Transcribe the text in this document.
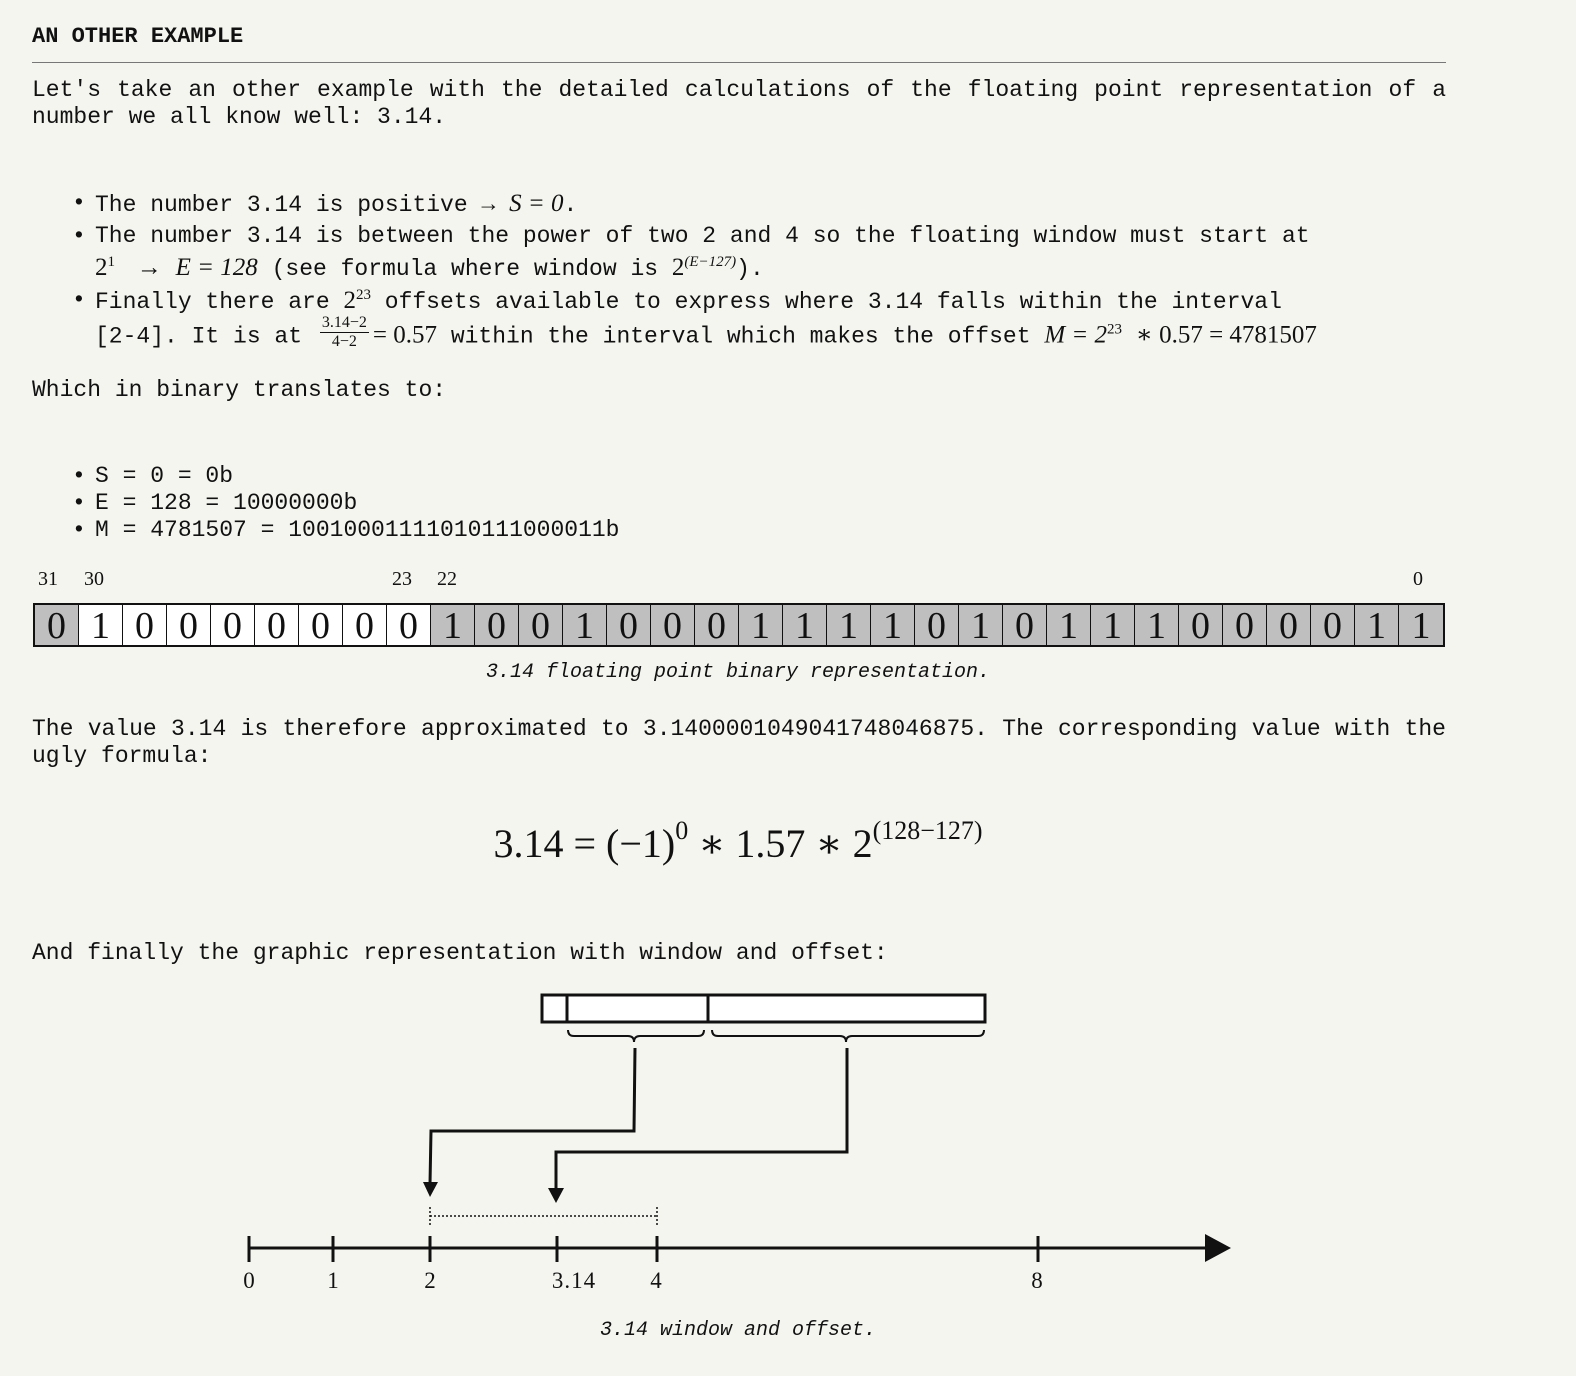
AN OTHER EXAMPLE

Let's take an other example with the detailed calculations of the floating point representation of a number we all know well: 3.14.

• The number 3.14 is positive → S = 0.
• The number 3.14 is between the power of two 2 and 4 so the floating window must start at
$2^1 \to E = 128$ (see formula where window is $2^{(E-127)}$).
• Finally there are $2^{23}$ offsets available to express where 3.14 falls within the interval
[2-4]. It is at $\frac{3.14-2}{4-2} = 0.57$ within the interval which makes the offset $M = 2^{23}$ ∗ 0.57 = 4781507

Which in binary translates to:

• S = 0 = 0b
• E = 128 = 10000000b
• M = 4781507 = 10010001111010111000011b
31 30	23 22	0
0 1 0 0 0 0 0 0 0 1 0 0 1 0 0 0 1 1 1 1 0 1 0 1 1 1 0 0 0 0 1 1
3.14 floating point binary representation.

The value 3.14 is therefore approximated to 3.1400001049041748046875. The corresponding value with the ugly formula:

$3.14 = (-1)^0$ ∗ 1.57 ∗ $2^{(128-127)}$

And finally the graphic representation with window and offset:

0	1	2	3.14 4	8
3.14 window and offset.
